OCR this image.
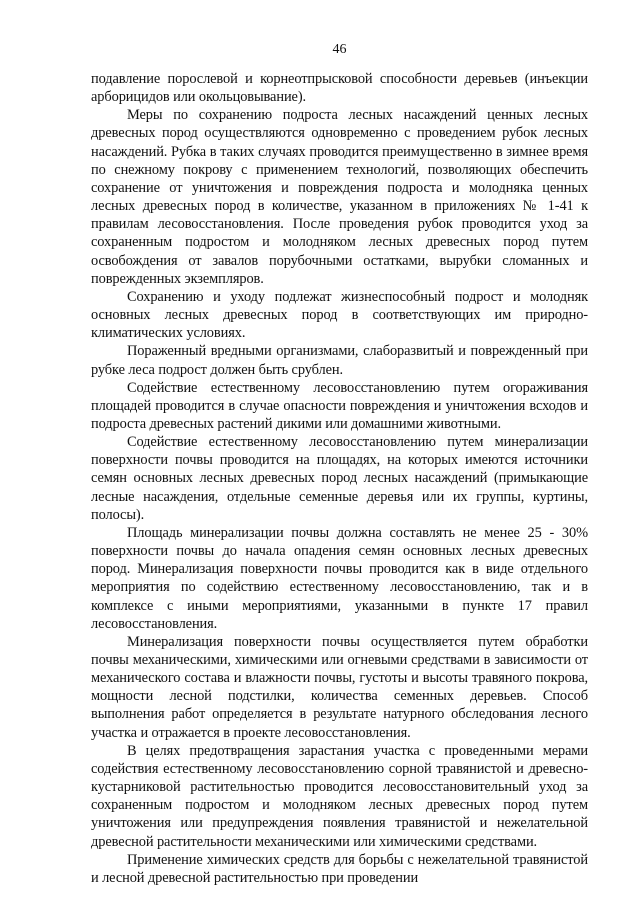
46

подавление порослевой и корнеотпрысковой способности деревьев (инъекции арборицидов или окольцовывание).

Меры по сохранению подроста лесных насаждений ценных лесных древесных пород осуществляются одновременно с проведением рубок лесных насаждений. Рубка в таких случаях проводится преимущественно в зимнее время по снежному покрову с применением технологий, позволяющих обеспечить сохранение от уничтожения и повреждения подроста и молодняка ценных лесных древесных пород в количестве, указанном в приложениях № 1-41 к правилам лесовосстановления. После проведения рубок проводится уход за сохраненным подростом и молодняком лесных древесных пород путем освобождения от завалов порубочными остатками, вырубки сломанных и поврежденных экземпляров.

Сохранению и уходу подлежат жизнеспособный подрост и молодняк основных лесных древесных пород в соответствующих им природно-климатических условиях.

Пораженный вредными организмами, слаборазвитый и поврежденный при рубке леса подрост должен быть срублен.

Содействие естественному лесовосстановлению путем огораживания площадей проводится в случае опасности повреждения и уничтожения всходов и подроста древесных растений дикими или домашними животными.

Содействие естественному лесовосстановлению путем минерализации поверхности почвы проводится на площадях, на которых имеются источники семян основных лесных древесных пород лесных насаждений (примыкающие лесные насаждения, отдельные семенные деревья или их группы, куртины, полосы).

Площадь минерализации почвы должна составлять не менее 25 - 30% поверхности почвы до начала опадения семян основных лесных древесных пород. Минерализация поверхности почвы проводится как в виде отдельного мероприятия по содействию естественному лесовосстановлению, так и в комплексе с иными мероприятиями, указанными в пункте 17 правил лесовосстановления.

Минерализация поверхности почвы осуществляется путем обработки почвы механическими, химическими или огневыми средствами в зависимости от механического состава и влажности почвы, густоты и высоты травяного покрова, мощности лесной подстилки, количества семенных деревьев. Способ выполнения работ определяется в результате натурного обследования лесного участка и отражается в проекте лесовосстановления.

В целях предотвращения зарастания участка с проведенными мерами содействия естественному лесовосстановлению сорной травянистой и древесно-кустарниковой растительностью проводится лесовосстановительный уход за сохраненным подростом и молодняком лесных древесных пород путем уничтожения или предупреждения появления травянистой и нежелательной древесной растительности механическими или химическими средствами.

Применение химических средств для борьбы с нежелательной травянистой и лесной древесной растительностью при проведении
